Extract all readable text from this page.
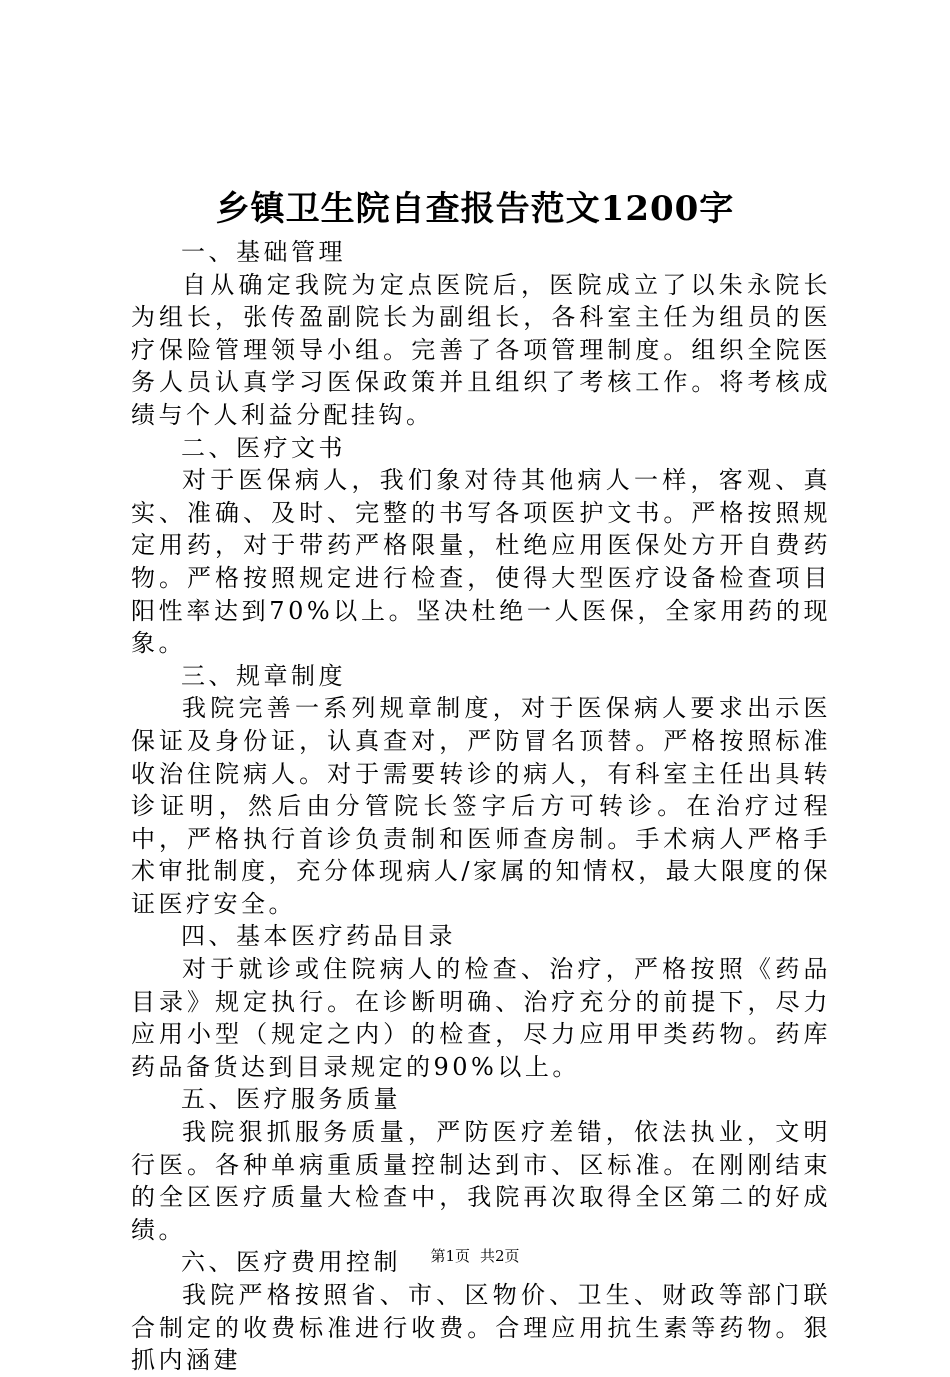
乡镇卫生院自查报告范文1200字

一、基础管理

自从确定我院为定点医院后，医院成立了以朱永院长为组长，张传盈副院长为副组长，各科室主任为组员的医疗保险管理领导小组。完善了各项管理制度。组织全院医务人员认真学习医保政策并且组织了考核工作。将考核成绩与个人利益分配挂钩。

二、医疗文书

对于医保病人，我们象对待其他病人一样，客观、真实、准确、及时、完整的书写各项医护文书。严格按照规定用药，对于带药严格限量，杜绝应用医保处方开自费药物。严格按照规定进行检查，使得大型医疗设备检查项目阳性率达到70%以上。坚决杜绝一人医保，全家用药的现象。

三、规章制度

我院完善一系列规章制度，对于医保病人要求出示医保证及身份证，认真查对，严防冒名顶替。严格按照标准收治住院病人。对于需要转诊的病人，有科室主任出具转诊证明，然后由分管院长签字后方可转诊。在治疗过程中，严格执行首诊负责制和医师查房制。手术病人严格手术审批制度，充分体现病人/家属的知情权，最大限度的保证医疗安全。

四、基本医疗药品目录

对于就诊或住院病人的检查、治疗，严格按照《药品目录》规定执行。在诊断明确、治疗充分的前提下，尽力应用小型（规定之内）的检查，尽力应用甲类药物。药库药品备货达到目录规定的90%以上。

五、医疗服务质量

我院狠抓服务质量，严防医疗差错，依法执业，文明行医。各种单病重质量控制达到市、区标准。在刚刚结束的全区医疗质量大检查中，我院再次取得全区第二的好成绩。

六、医疗费用控制

我院严格按照省、市、区物价、卫生、财政等部门联合制定的收费标准进行收费。合理应用抗生素等药物。狠抓内涵建

第1页 共2页
